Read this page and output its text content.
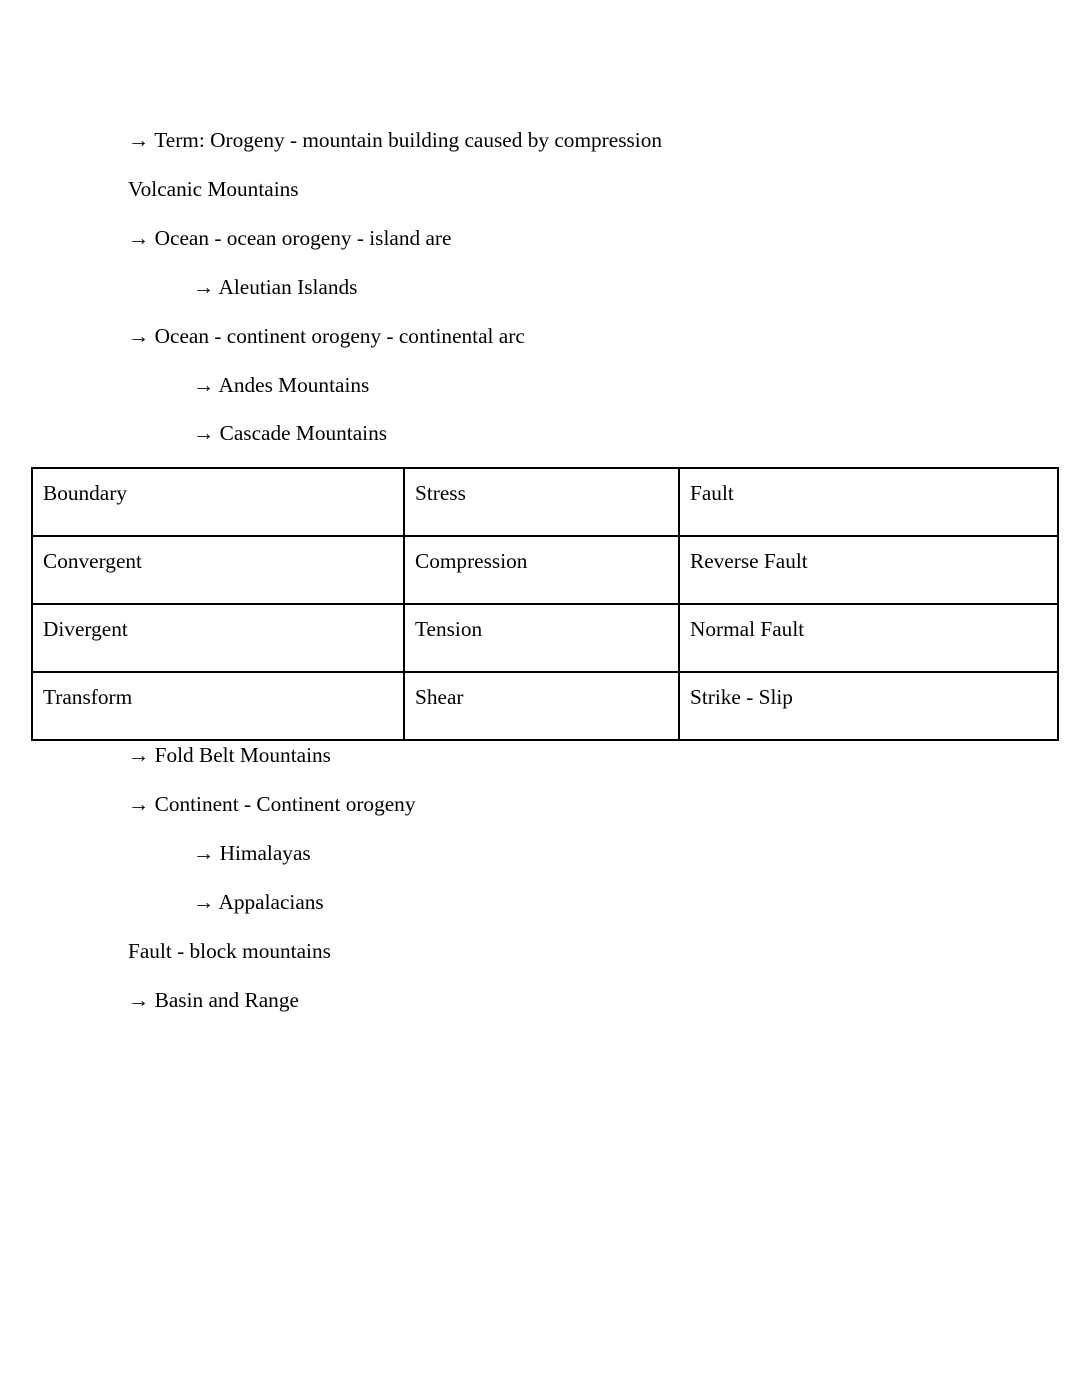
→ Term: Orogeny - mountain building caused by compression

Volcanic Mountains

→ Ocean - ocean orogeny - island are

→ Aleutian Islands

→ Ocean - continent orogeny - continental arc

→ Andes Mountains

→ Cascade Mountains

Boundary	Stress	Fault
Convergent	Compression	Reverse Fault
Divergent	Tension	Normal Fault
Transform	Shear	Strike - Slip

→ Fold Belt Mountains

→ Continent - Continent orogeny

→ Himalayas

→ Appalacians

Fault - block mountains

→ Basin and Range
